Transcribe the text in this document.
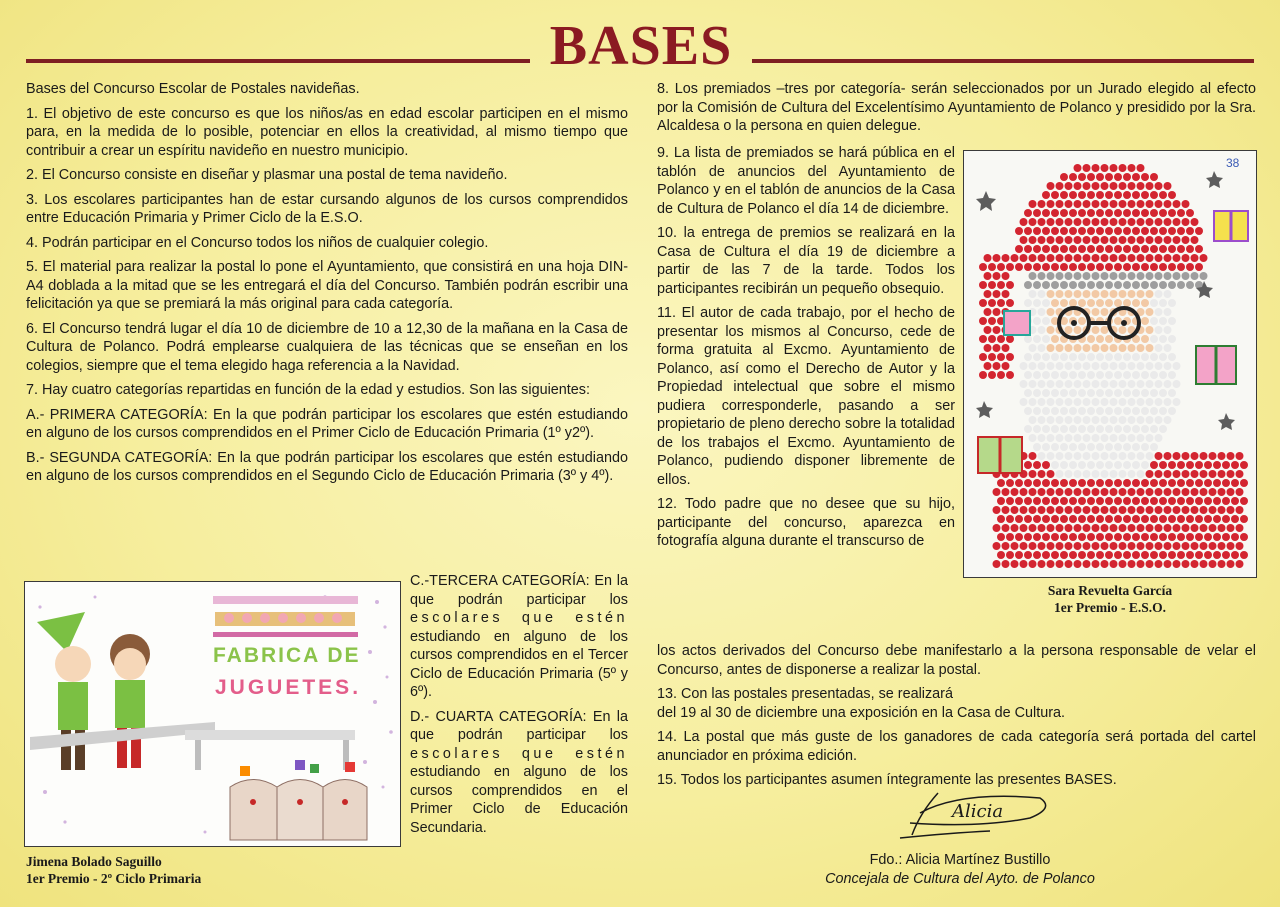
BASES

Bases del Concurso Escolar de Postales navideñas.

1. El objetivo de este concurso es que los niños/as en edad escolar participen en el mismo para, en la medida de lo posible, potenciar en ellos la creatividad, al mismo tiempo que contribuir a crear un espíritu navideño en nuestro municipio.

2. El Concurso consiste en diseñar y plasmar una postal de tema navideño.

3. Los escolares participantes han de estar cursando algunos de los cursos comprendidos entre Educación Primaria y Primer Ciclo de la E.S.O.

4. Podrán participar en el Concurso todos los niños de cualquier colegio.

5. El material para realizar la postal lo pone el Ayuntamiento, que consistirá en una hoja DIN-A4 doblada a la mitad que se les entregará el día del Concurso. También podrán escribir una felicitación ya que se premiará la más original para cada categoría.

6. El Concurso tendrá lugar el día 10 de diciembre de 10 a 12,30 de la mañana en la Casa de Cultura de Polanco. Podrá emplearse cualquiera de las técnicas que se enseñan en los colegios, siempre que el tema elegido haga referencia a la Navidad.

7. Hay cuatro categorías repartidas en función de la edad y estudios. Son las siguientes:

A.- PRIMERA CATEGORÍA: En la que podrán participar los escolares que estén estudiando en alguno de los cursos comprendidos en el Primer Ciclo de Educación Primaria (1º y2º).

B.- SEGUNDA CATEGORÍA: En la que podrán participar los escolares que estén estudiando en alguno de los cursos comprendidos en el Segundo Ciclo de Educación Primaria (3º y 4º).

C.-TERCERA CATEGORÍA: En la que podrán participar los escolares que estén estudiando en alguno de los cursos comprendidos en el Tercer Ciclo de Educación Primaria (5º y 6º).

D.- CUARTA CATEGORÍA: En la que podrán participar los escolares que estén estudiando en alguno de los cursos comprendidos en el Primer Ciclo de Educación Secundaria.

FABRICA DE
JUGUETES.
Jimena Bolado Saguillo
1er Premio - 2º Ciclo Primaria

8. Los premiados –tres por categoría- serán seleccionados por un Jurado elegido al efecto por la Comisión de Cultura del Excelentísimo Ayuntamiento de Polanco y presidido por la Sra. Alcaldesa o la persona en quien delegue.

9. La lista de premiados se hará pública en el tablón de anuncios del Ayuntamiento de Polanco y en el tablón de anuncios de la Casa de Cultura de Polanco el día 14 de diciembre.

10. la entrega de premios se realizará en la Casa de Cultura el día 19 de diciembre a partir de las 7 de la tarde. Todos los participantes recibirán un pequeño obsequio.

11. El autor de cada trabajo, por el hecho de presentar los mismos al Concurso, cede de forma gratuita al Excmo. Ayuntamiento de Polanco, así como el Derecho de Autor y la Propiedad intelectual que sobre el mismo pudiera corresponderle, pasando a ser propietario de pleno derecho sobre la totalidad de los trabajos el Excmo. Ayuntamiento de Polanco, pudiendo disponer libremente de ellos.

12. Todo padre que no desee que su hijo, participante del concurso, aparezca en fotografía alguna durante el transcurso de

38
Sara Revuelta García
1er Premio - E.S.O.

los actos derivados del Concurso debe manifestarlo a la persona responsable de velar el Concurso, antes de disponerse a realizar la postal.

13. Con las postales presentadas, se realizará
del 19 al 30 de diciembre una exposición en la Casa de Cultura.

14. La postal que más guste de los ganadores de cada categoría será portada del cartel anunciador en próxima edición.

15. Todos los participantes asumen íntegramente las presentes BASES.

Alicia
Fdo.: Alicia Martínez Bustillo
Concejala de Cultura del Ayto. de Polanco
